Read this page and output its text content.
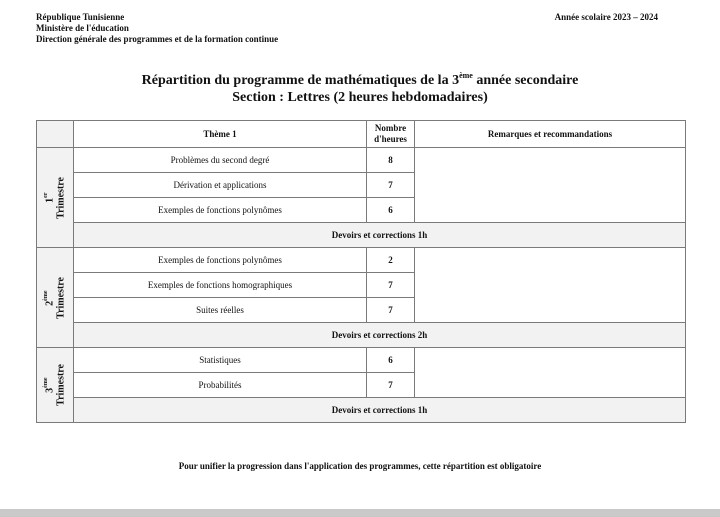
République Tunisienne
Ministère de l'éducation
Direction générale des programmes et de la formation continue
Année scolaire 2023 – 2024
Répartition du programme de mathématiques de la 3ème année secondaire
Section : Lettres (2 heures hebdomadaires)
	Thème 1	Nombre d'heures	Remarques et recommandations

1er Trimestre	Problèmes du second degré	8	
	Dérivation et applications	7	
	Exemples de fonctions polynômes	6	
	Devoirs et corrections 1h		

2ème Trimestre	Exemples de fonctions polynômes	2	
	Exemples de fonctions homographiques	7	
	Suites réelles	7	
	Devoirs et corrections 2h		

3ème Trimestre	Statistiques	6	
	Probabilités	7	
	Devoirs et corrections 1h		
Pour unifier la progression dans l'application des programmes, cette répartition est obligatoire
